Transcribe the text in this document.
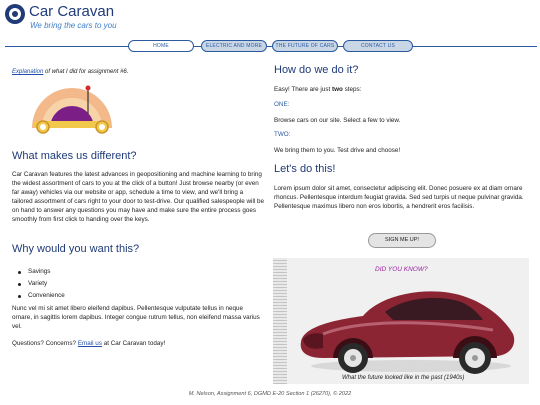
Car Caravan
We bring the cars to you
HOME	ELECTRIC AND MORE	THE FUTURE OF CARS	CONTACT US
Explanation of what I did for assignment #6.
What makes us different?
Car Caravan features the latest advances in geopositioning and machine learning to bring the widest assortment of cars to you at the click of a button! Just browse nearby (or even far away) vehicles via our website or app, schedule a time to view, and we'll bring a tailored assortment of cars right to your door to test-drive. Our qualified salespeople will be on hand to answer any questions you may have and make sure the entire process goes smoothly from first click to handing over the keys.
Why would you want this?
Savings
Variety
Convenience
Nunc vel mi sit amet libero eleifend dapibus. Pellentesque vulputate tellus in neque ornare, in sagittis lorem dapibus. Integer congue rutrum tellus, non eleifend massa varius vel.
Questions? Concerns? Email us at Car Caravan today!
How do we do it?
Easy! There are just two steps:
ONE:
Browse cars on our site. Select a few to view.
TWO:
We bring them to you. Test drive and choose!
Let's do this!
Lorem ipsum dolor sit amet, consectetur adipiscing elit. Donec posuere ex at diam ornare rhoncus. Pellentesque interdum feugiat gravida. Sed sed turpis ut neque pulvinar gravida. Pellentesque maximus libero non eros lobortis, a hendrerit eros facilisis.
SIGN ME UP!
DID YOU KNOW?
What the future looked like in the past (1940s)
M. Nelson, Assignment 6, DGMD E-20 Section 1 (26270), © 2022
